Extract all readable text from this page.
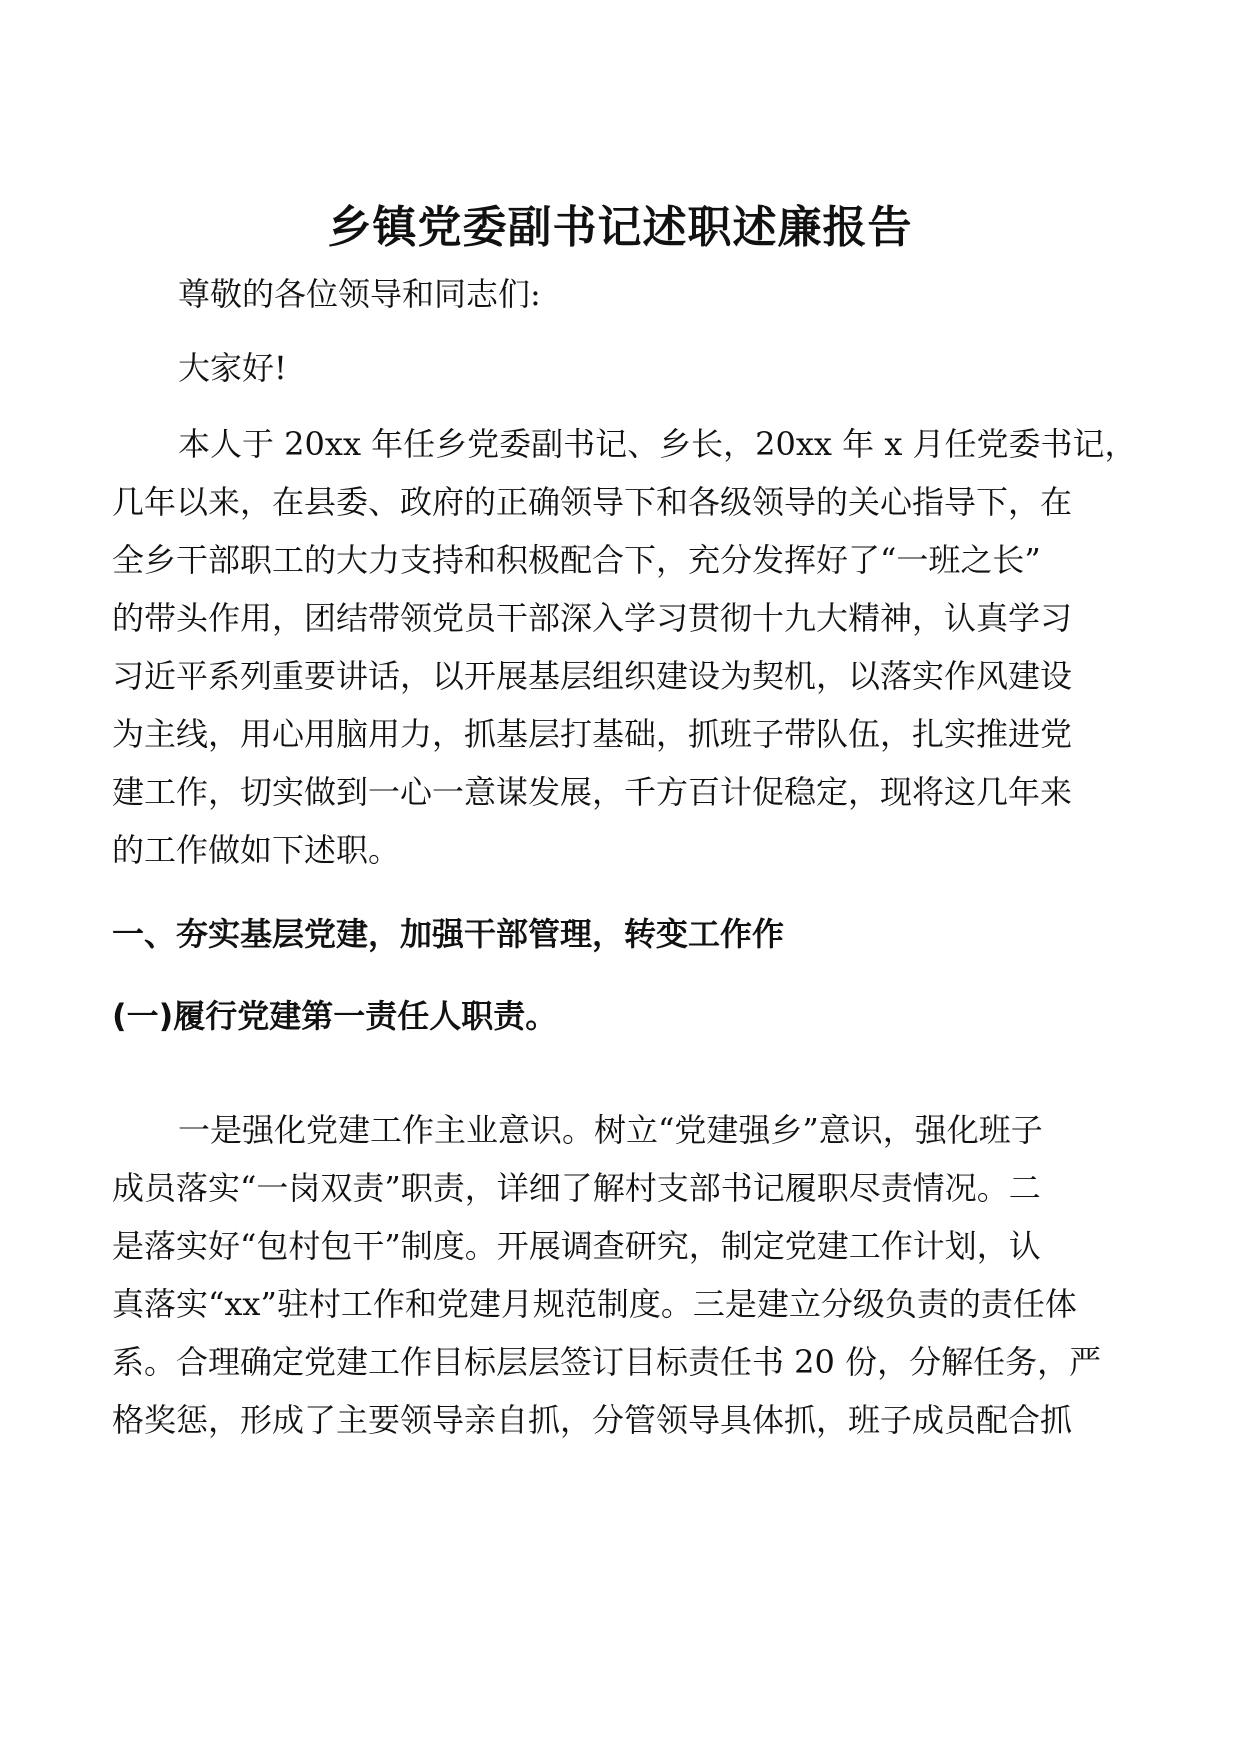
乡镇党委副书记述职述廉报告

尊敬的各位领导和同志们:

大家好!

本人于 20xx 年任乡党委副书记、乡长，20xx 年 x 月任党委书记，

几年以来，在县委、政府的正确领导下和各级领导的关心指导下，在

全乡干部职工的大力支持和积极配合下，充分发挥好了“一班之长”

的带头作用，团结带领党员干部深入学习贯彻十九大精神，认真学习

习近平系列重要讲话，以开展基层组织建设为契机，以落实作风建设

为主线，用心用脑用力，抓基层打基础，抓班子带队伍，扎实推进党

建工作，切实做到一心一意谋发展，千方百计促稳定，现将这几年来

的工作做如下述职。

一、夯实基层党建，加强干部管理，转变工作作
(一)履行党建第一责任人职责。

一是强化党建工作主业意识。树立“党建强乡”意识，强化班子

成员落实“一岗双责”职责，详细了解村支部书记履职尽责情况。二

是落实好“包村包干”制度。开展调查研究，制定党建工作计划，认

真落实“xx”驻村工作和党建月规范制度。三是建立分级负责的责任体

系。合理确定党建工作目标层层签订目标责任书 20 份，分解任务，严

格奖惩，形成了主要领导亲自抓，分管领导具体抓，班子成员配合抓
